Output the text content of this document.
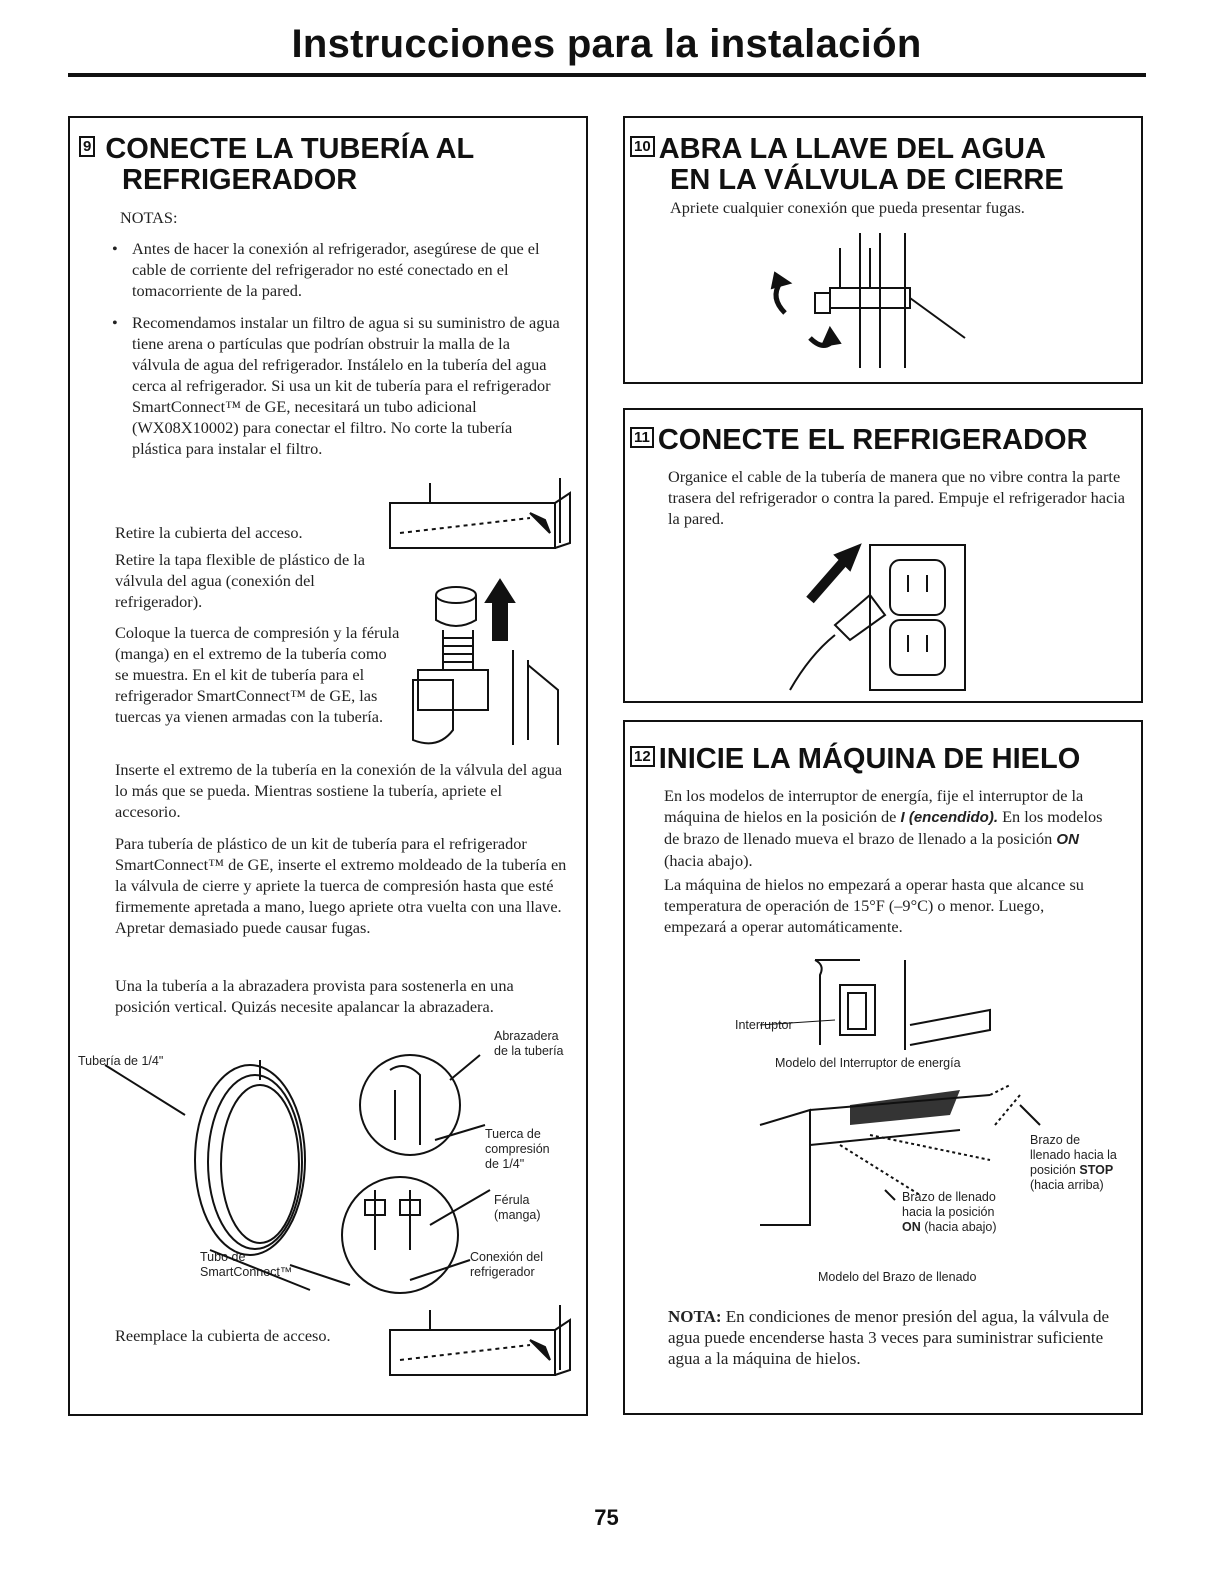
Instrucciones para la instalación
9 CONECTE LA TUBERÍA AL
REFRIGERADOR
NOTAS:
• Antes de hacer la conexión al refrigerador, asegúrese de que el cable de corriente del refrigerador no esté conectado en el tomacorriente de la pared.
• Recomendamos instalar un filtro de agua si su suministro de agua tiene arena o partículas que podrían obstruir la malla de la válvula de agua del refrigerador. Instálelo en la tubería del agua cerca al refrigerador. Si usa un kit de tubería para el refrigerador SmartConnect™ de GE, necesitará un tubo adicional (WX08X10002) para conectar el filtro. No corte la tubería plástica para instalar el filtro.
Retire la cubierta del acceso.
Retire la tapa flexible de plástico de la válvula del agua (conexión del refrigerador).
Coloque la tuerca de compresión y la férula (manga) en el extremo de la tubería como se muestra. En el kit de tubería para el refrigerador SmartConnect™ de GE, las tuercas ya vienen armadas con la tubería.
Inserte el extremo de la tubería en la conexión de la válvula del agua lo más que se pueda. Mientras sostiene la tubería, apriete el accesorio.
Para tubería de plástico de un kit de tubería para el refrigerador SmartConnect™ de GE, inserte el extremo moldeado de la tubería en la válvula de cierre y apriete la tuerca de compresión hasta que esté firmemente apretada a mano, luego apriete otra vuelta con una llave. Apretar demasiado puede causar fugas.
Una la tubería a la abrazadera provista para sostenerla en una posición vertical. Quizás necesite apalancar la abrazadera.
Reemplace la cubierta de acceso.
Abrazadera de la tubería
Tubería de 1/4"
Tuerca de compresión de 1/4"
Férula (manga)
Tubo de SmartConnect™
Conexión del refrigerador
10 ABRA LA LLAVE DEL AGUA
EN LA VÁLVULA DE CIERRE
Apriete cualquier conexión que pueda presentar fugas.
11 CONECTE EL REFRIGERADOR
Organice el cable de la tubería de manera que no vibre contra la parte trasera del refrigerador o contra la pared. Empuje el refrigerador hacia la pared.
12 INICIE LA MÁQUINA DE HIELO
En los modelos de interruptor de energía, fije el interruptor de la máquina de hielos en la posición de I (encendido). En los modelos de brazo de llenado mueva el brazo de llenado a la posición ON (hacia abajo).
La máquina de hielos no empezará a operar hasta que alcance su temperatura de operación de 15°F (–9°C) o menor. Luego, empezará a operar automáticamente.
Interruptor
Modelo del Interruptor de energía
Brazo de llenado hacia la posición STOP (hacia arriba)
Brazo de llenado hacia la posición ON (hacia abajo)
Modelo del Brazo de llenado
NOTA: En condiciones de menor presión del agua, la válvula de agua puede encenderse hasta 3 veces para suministrar suficiente agua a la máquina de hielos.
75
